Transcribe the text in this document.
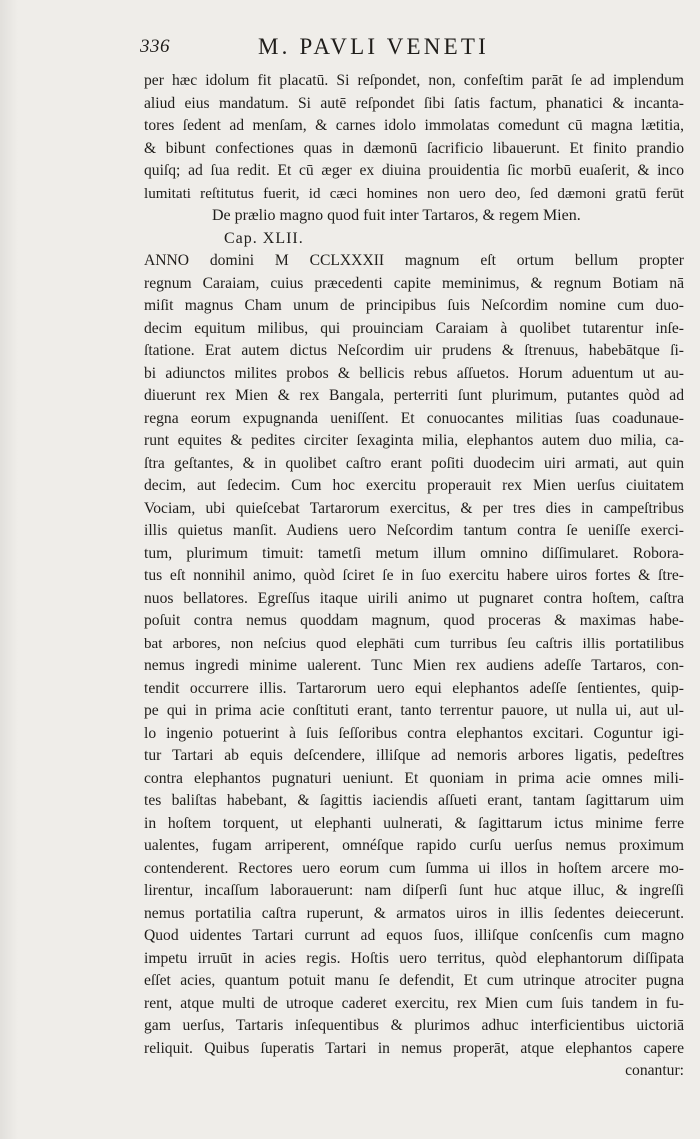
336	M. PAVLI VENETI
per hæc idolum fit placatū. Si reſpondet, non, confeſtim parāt ſe ad implendum
aliud eius mandatum. Si autē reſpondet ſibi ſatis factum, phanatici & incanta-
tores ſedent ad menſam, & carnes idolo immolatas comedunt cū magna lætitia,
& bibunt confectiones quas in dæmonū ſacrificio libauerunt. Et finito prandio
quiſq; ad ſua redit. Et cū æger ex diuina prouidentia ſic morbū euaſerit, & inco
lumitati reſtitutus fuerit, id cæci homines non uero deo, ſed dæmoni gratū ferūt
De prælio magno quod fuit inter Tartaros, & regem Mien.
Cap. XLII.
ANNO domini M CCLXXXII magnum eſt ortum bellum propter
regnum Caraiam, cuius præcedenti capite meminimus, & regnum Botiam nā
miſit magnus Cham unum de principibus ſuis Neſcordim nomine cum duo-
decim equitum milibus, qui prouinciam Caraiam à quolibet tutarentur inſe-
ſtatione. Erat autem dictus Neſcordim uir prudens & ſtrenuus, habebātque ſi-
bi adiunctos milites probos & bellicis rebus aſſuetos. Horum aduentum ut au-
diuerunt rex Mien & rex Bangala, perterriti ſunt plurimum, putantes quòd ad
regna eorum expugnanda ueniſſent. Et conuocantes militias ſuas coadunaue-
runt equites & pedites circiter ſexaginta milia, elephantos autem duo milia, ca-
ſtra geſtantes, & in quolibet caſtro erant poſiti duodecim uiri armati, aut quin
decim, aut ſedecim. Cum hoc exercitu properauit rex Mien uerſus ciuitatem
Vociam, ubi quieſcebat Tartarorum exercitus, & per tres dies in campeſtribus
illis quietus manſit. Audiens uero Neſcordim tantum contra ſe ueniſſe exerci-
tum, plurimum timuit: tametſi metum illum omnino diſſimularet. Robora-
tus eſt nonnihil animo, quòd ſciret ſe in ſuo exercitu habere uiros fortes & ſtre-
nuos bellatores. Egreſſus itaque uirili animo ut pugnaret contra hoſtem, caſtra
poſuit contra nemus quoddam magnum, quod proceras & maximas habe-
bat arbores, non neſcius quod elephāti cum turribus ſeu caſtris illis portatilibus
nemus ingredi minime ualerent. Tunc Mien rex audiens adeſſe Tartaros, con-
tendit occurrere illis. Tartarorum uero equi elephantos adeſſe ſentientes, quip-
pe qui in prima acie conſtituti erant, tanto terrentur pauore, ut nulla ui, aut ul-
lo ingenio potuerint à ſuis ſeſſoribus contra elephantos excitari. Coguntur igi-
tur Tartari ab equis deſcendere, illiſque ad nemoris arbores ligatis, pedeſtres
contra elephantos pugnaturi ueniunt. Et quoniam in prima acie omnes mili-
tes baliſtas habebant, & ſagittis iaciendis aſſueti erant, tantam ſagittarum uim
in hoſtem torquent, ut elephanti uulnerati, & ſagittarum ictus minime ferre
ualentes, fugam arriperent, omnéſque rapido curſu uerſus nemus proximum
contenderent. Rectores uero eorum cum ſumma ui illos in hoſtem arcere mo-
lirentur, incaſſum laborauerunt: nam diſperſi ſunt huc atque illuc, & ingreſſi
nemus portatilia caſtra ruperunt, & armatos uiros in illis ſedentes deiecerunt.
Quod uidentes Tartari currunt ad equos ſuos, illiſque conſcenſis cum magno
impetu irruūt in acies regis. Hoſtis uero territus, quòd elephantorum diſſipata
eſſet acies, quantum potuit manu ſe defendit, Et cum utrinque atrociter pugna
rent, atque multi de utroque caderet exercitu, rex Mien cum ſuis tandem in fu-
gam uerſus, Tartaris inſequentibus & plurimos adhuc interficientibus uictoriā
reliquit. Quibus ſuperatis Tartari in nemus properāt, atque elephantos capere
conantur:
